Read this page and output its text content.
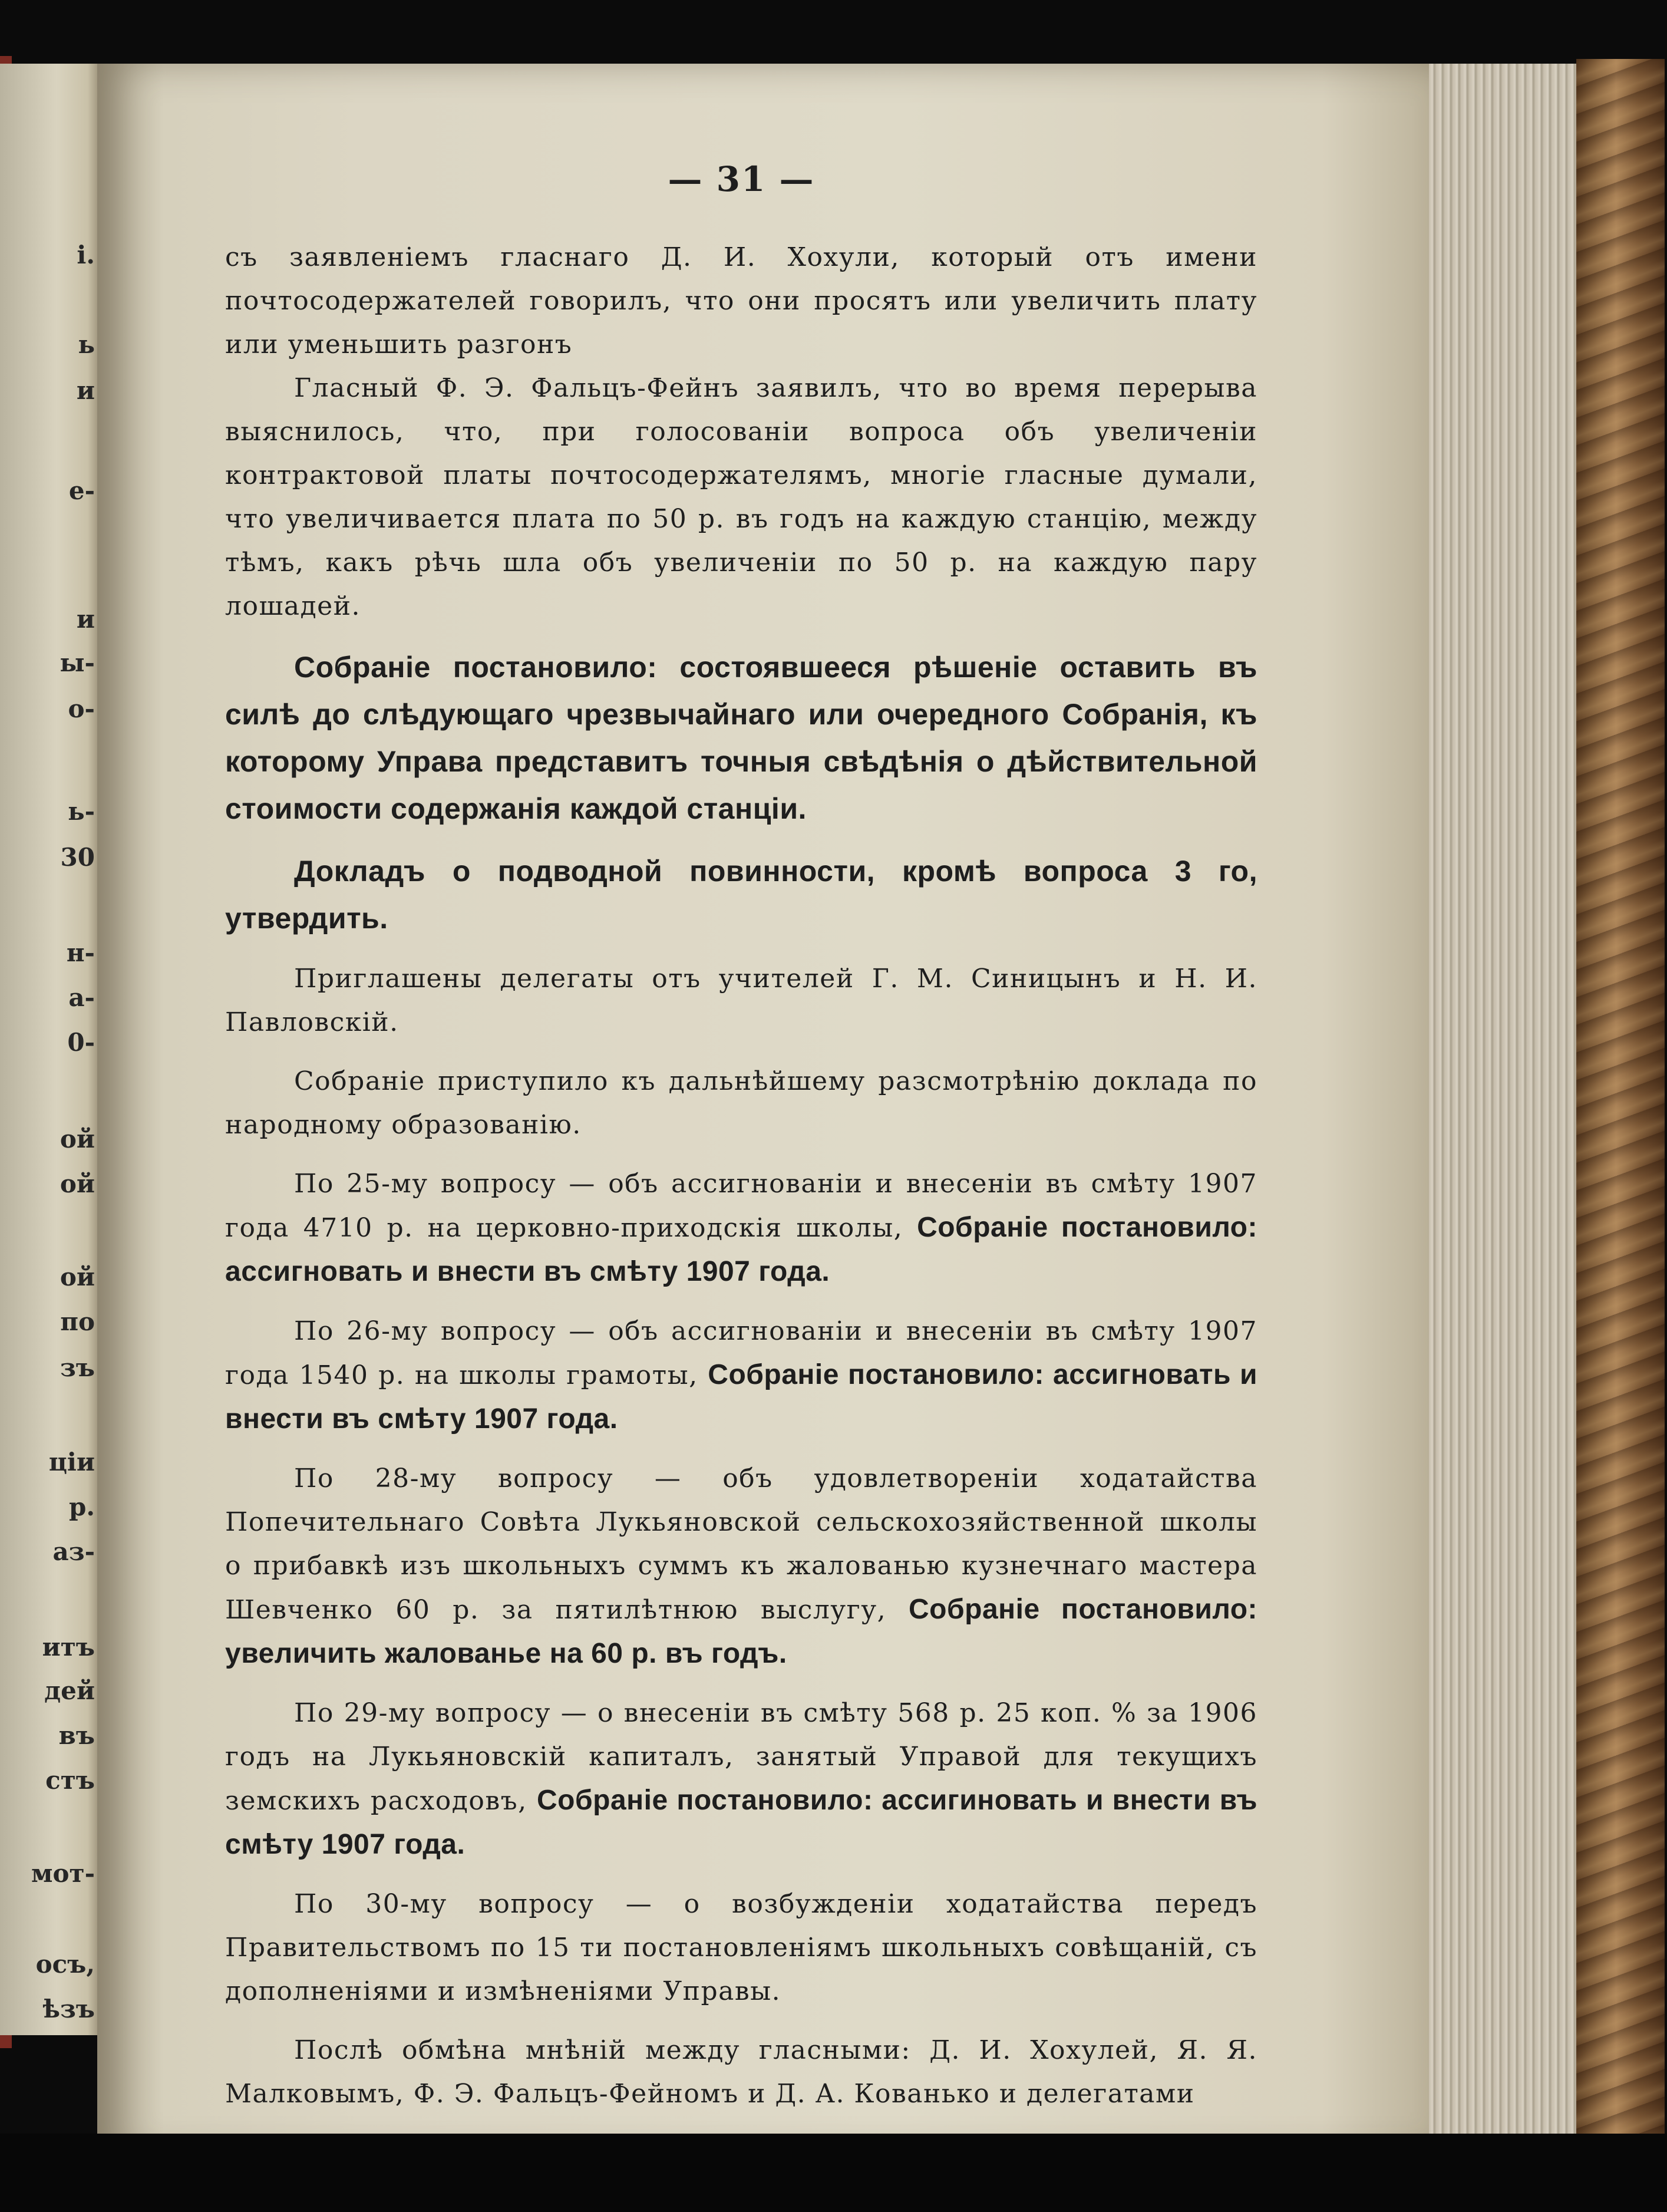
і.
ь
и
е-
и
ы-
о-
ь-
30
н-
а-
0-
ой
ой
ой
по
зъ
ціи
р.
аз-
итъ
дей
въ
стъ
мот-
осъ,
ѣзъ
— 31 —

съ заявленіемъ гласнаго Д. И. Хохули, который отъ имени почтосодержателей говорилъ, что они просятъ или увеличить плату или уменьшить разгонъ

Гласный Ф. Э. Фальцъ-Фейнъ заявилъ, что во время перерыва выяснилось, что, при голосованіи вопроса объ увеличеніи контрактовой платы почтосодержателямъ, многіе гласные думали, что увеличивается плата по 50 р. въ годъ на каждую станцію, между тѣмъ, какъ рѣчь шла объ увеличеніи по 50 р. на каждую пару лошадей.

Собраніе постановило: состоявшееся рѣшеніе оставить въ силѣ до слѣдующаго чрезвычайнаго или очередного Собранія, къ которому Управа представитъ точныя свѣдѣнія о дѣйствительной стоимости содержанія каждой станціи.

Докладъ о подводной повинности, кромѣ вопроса 3 го, утвердить.

Приглашены делегаты отъ учителей Г. М. Синицынъ и Н. И. Павловскій.

Собраніе приступило къ дальнѣйшему разсмотрѣнію доклада по народному образованію.

По 25-му вопросу — объ ассигнованіи и внесеніи въ смѣту 1907 года 4710 р. на церковно-приходскія школы, Собраніе постановило: ассигновать и внести въ смѣту 1907 года.

По 26-му вопросу — объ ассигнованіи и внесеніи въ смѣту 1907 года 1540 р. на школы грамоты, Собраніе постановило: ассигновать и внести въ смѣту 1907 года.

По 28-му вопросу — объ удовлетвореніи ходатайства Попечительнаго Совѣта Лукьяновской сельскохозяйственной школы о прибавкѣ изъ школьныхъ суммъ къ жалованью кузнечнаго мастера Шевченко 60 р. за пятилѣтнюю выслугу, Собраніе постановило: увеличить жалованье на 60 р. въ годъ.

По 29-му вопросу — о внесеніи въ смѣту 568 р. 25 коп. % за 1906 годъ на Лукьяновскій капиталъ, занятый Управой для текущихъ земскихъ расходовъ, Собраніе постановило: ассигиновать и внести въ смѣту 1907 года.

По 30-му вопросу — о возбужденіи ходатайства передъ Правительствомъ по 15 ти постановленіямъ школьныхъ совѣщаній, съ дополненіями и измѣненіями Управы.

Послѣ обмѣна мнѣній между гласными: Д. И. Хохулей, Я. Я. Малковымъ, Ф. Э. Фальцъ-Фейномъ и Д. А. Кованько и делегатами
